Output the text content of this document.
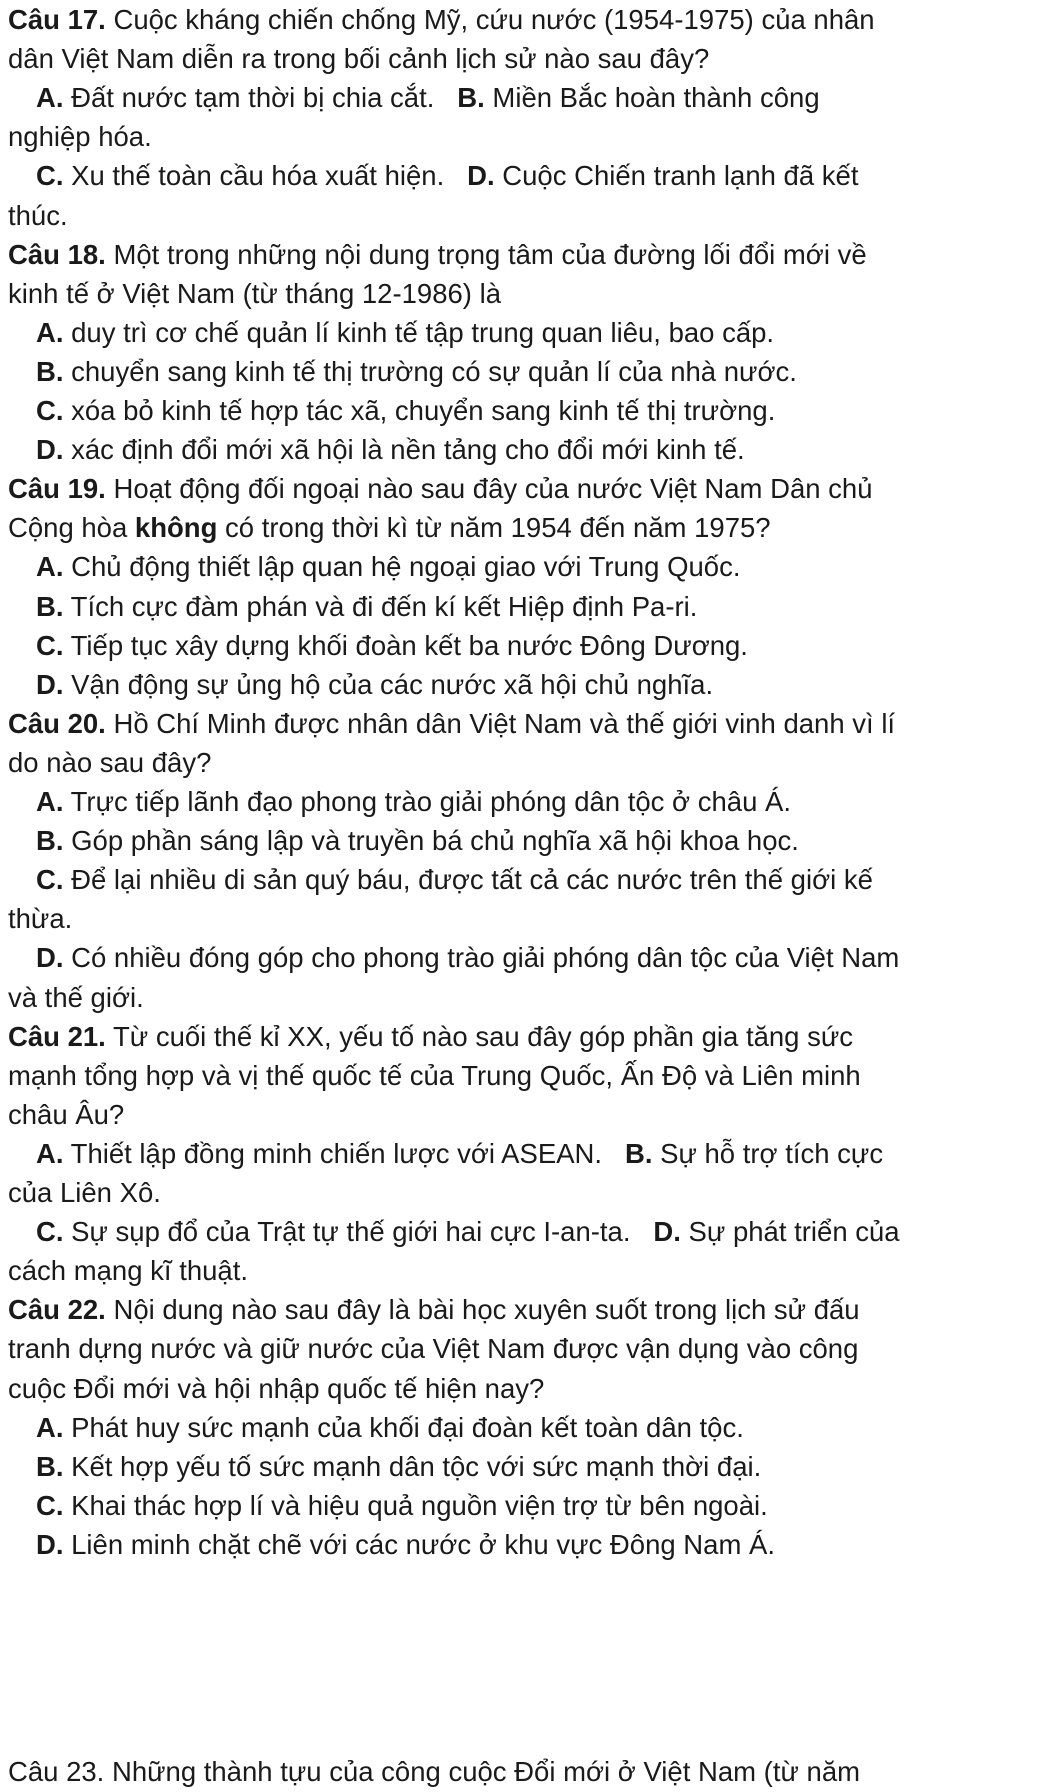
Câu 17. Cuộc kháng chiến chống Mỹ, cứu nước (1954-1975) của nhân
dân Việt Nam diễn ra trong bối cảnh lịch sử nào sau đây?
A. Đất nước tạm thời bị chia cắt.   B. Miền Bắc hoàn thành công
nghiệp hóa.
C. Xu thế toàn cầu hóa xuất hiện.   D. Cuộc Chiến tranh lạnh đã kết
thúc.
Câu 18. Một trong những nội dung trọng tâm của đường lối đổi mới về
kinh tế ở Việt Nam (từ tháng 12-1986) là
A. duy trì cơ chế quản lí kinh tế tập trung quan liêu, bao cấp.
B. chuyển sang kinh tế thị trường có sự quản lí của nhà nước.
C. xóa bỏ kinh tế hợp tác xã, chuyển sang kinh tế thị trường.
D. xác định đổi mới xã hội là nền tảng cho đổi mới kinh tế.
Câu 19. Hoạt động đối ngoại nào sau đây của nước Việt Nam Dân chủ
Cộng hòa không có trong thời kì từ năm 1954 đến năm 1975?
A. Chủ động thiết lập quan hệ ngoại giao với Trung Quốc.
B. Tích cực đàm phán và đi đến kí kết Hiệp định Pa-ri.
C. Tiếp tục xây dựng khối đoàn kết ba nước Đông Dương.
D. Vận động sự ủng hộ của các nước xã hội chủ nghĩa.
Câu 20. Hồ Chí Minh được nhân dân Việt Nam và thế giới vinh danh vì lí
do nào sau đây?
A. Trực tiếp lãnh đạo phong trào giải phóng dân tộc ở châu Á.
B. Góp phần sáng lập và truyền bá chủ nghĩa xã hội khoa học.
C. Để lại nhiều di sản quý báu, được tất cả các nước trên thế giới kế
thừa.
D. Có nhiều đóng góp cho phong trào giải phóng dân tộc của Việt Nam
và thế giới.
Câu 21. Từ cuối thế kỉ XX, yếu tố nào sau đây góp phần gia tăng sức
mạnh tổng hợp và vị thế quốc tế của Trung Quốc, Ấn Độ và Liên minh
châu Âu?
A. Thiết lập đồng minh chiến lược với ASEAN.   B. Sự hỗ trợ tích cực
của Liên Xô.
C. Sự sụp đổ của Trật tự thế giới hai cực I-an-ta.   D. Sự phát triển của
cách mạng kĩ thuật.
Câu 22. Nội dung nào sau đây là bài học xuyên suốt trong lịch sử đấu
tranh dựng nước và giữ nước của Việt Nam được vận dụng vào công
cuộc Đổi mới và hội nhập quốc tế hiện nay?
A. Phát huy sức mạnh của khối đại đoàn kết toàn dân tộc.
B. Kết hợp yếu tố sức mạnh dân tộc với sức mạnh thời đại.
C. Khai thác hợp lí và hiệu quả nguồn viện trợ từ bên ngoài.
D. Liên minh chặt chẽ với các nước ở khu vực Đông Nam Á.
Câu 23. Những thành tựu của công cuộc Đổi mới ở Việt Nam (từ năm
